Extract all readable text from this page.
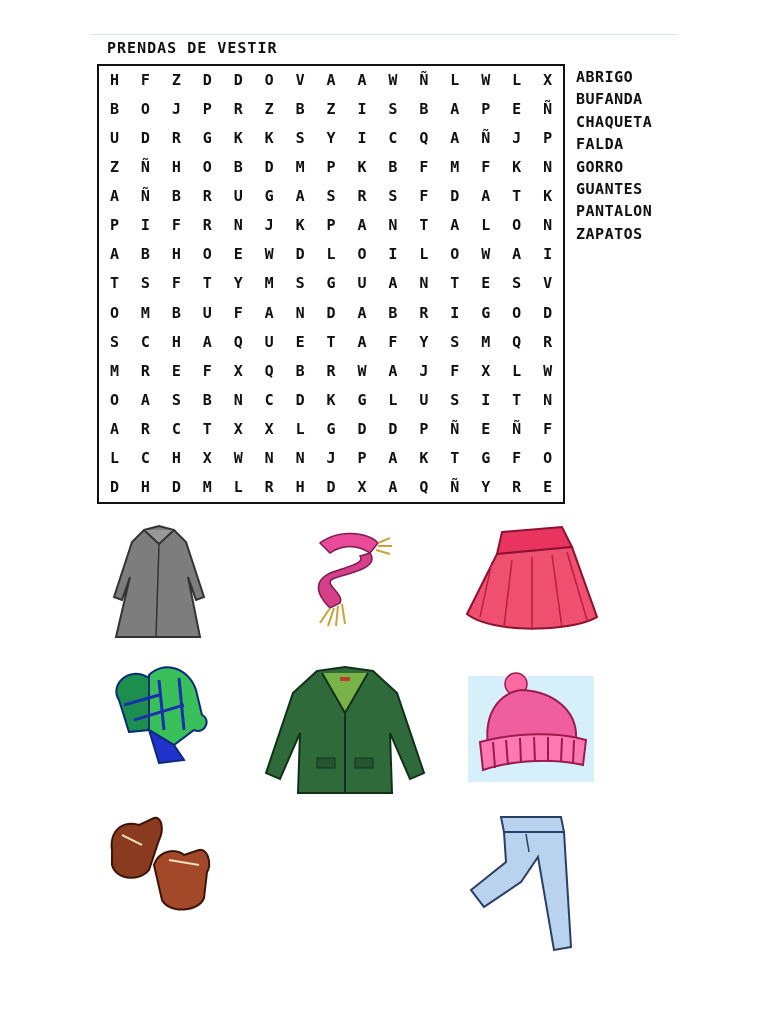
PRENDAS DE VESTIR
H	F	Z	D	D	O	V	A	A	W	Ñ	L	W	L	X
B	O	J	P	R	Z	B	Z	I	S	B	A	P	E	Ñ
U	D	R	G	K	K	S	Y	I	C	Q	A	Ñ	J	P
Z	Ñ	H	O	B	D	M	P	K	B	F	M	F	K	N
A	Ñ	B	R	U	G	A	S	R	S	F	D	A	T	K
P	I	F	R	N	J	K	P	A	N	T	A	L	O	N
A	B	H	O	E	W	D	L	O	I	L	O	W	A	I
T	S	F	T	Y	M	S	G	U	A	N	T	E	S	V
O	M	B	U	F	A	N	D	A	B	R	I	G	O	D
S	C	H	A	Q	U	E	T	A	F	Y	S	M	Q	R
M	R	E	F	X	Q	B	R	W	A	J	F	X	L	W
O	A	S	B	N	C	D	K	G	L	U	S	I	T	N
A	R	C	T	X	X	L	G	D	D	P	Ñ	E	Ñ	F
L	C	H	X	W	N	N	J	P	A	K	T	G	F	O
D	H	D	M	L	R	H	D	X	A	Q	Ñ	Y	R	E
ABRIGO
BUFANDA
CHAQUETA
FALDA
GORRO
GUANTES
PANTALON
ZAPATOS
